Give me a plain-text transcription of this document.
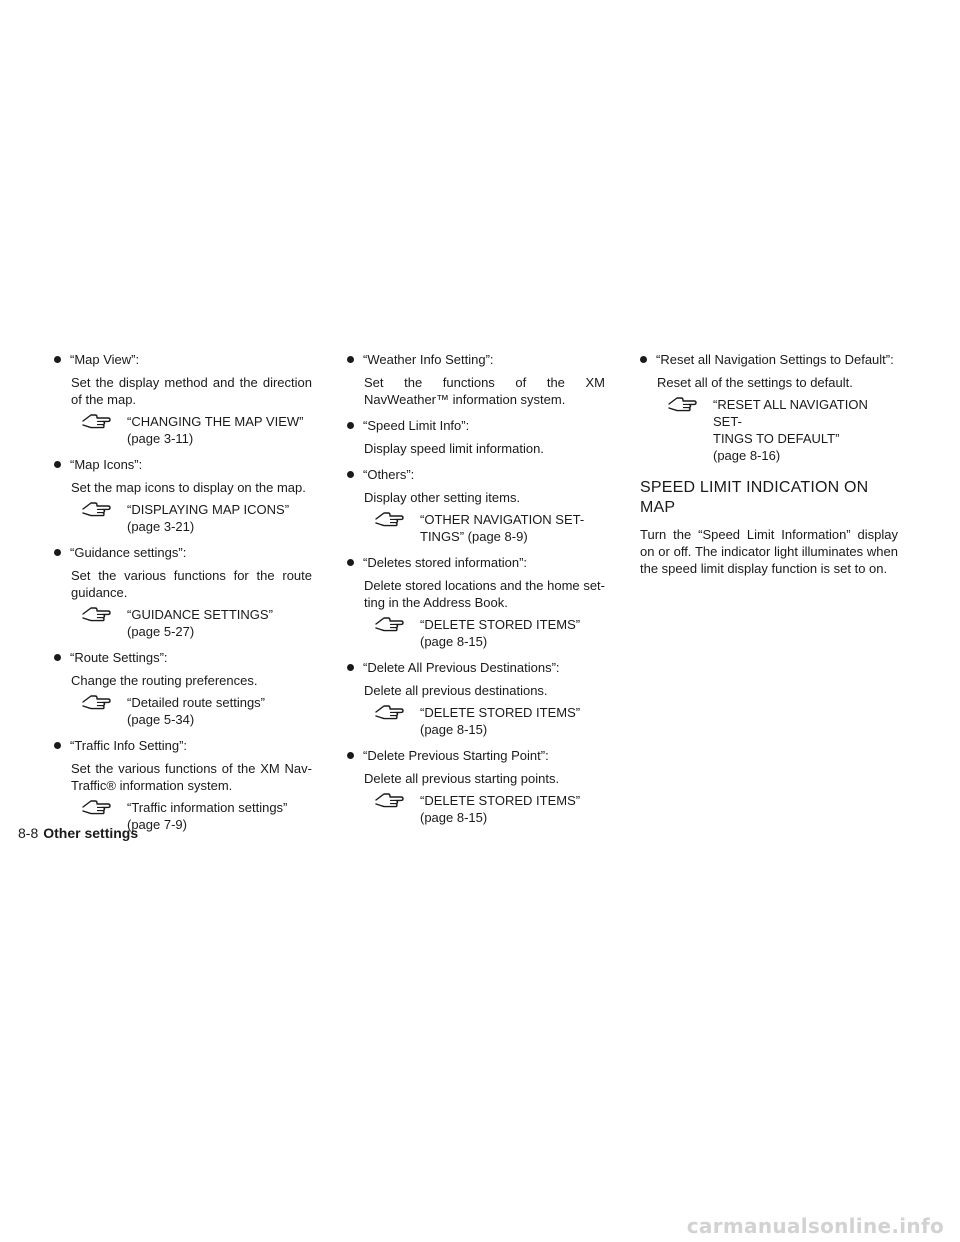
“Map View”:
Set the display method and the direction of the map.
“CHANGING THE MAP VIEW”
(page 3-11)
“Map Icons”:
Set the map icons to display on the map.
“DISPLAYING MAP ICONS”
(page 3-21)
“Guidance settings”:
Set the various functions for the route guidance.
“GUIDANCE SETTINGS”
(page 5-27)
“Route Settings”:
Change the routing preferences.
“Detailed route settings”
(page 5-34)
“Traffic Info Setting”:
Set the various functions of the XM Nav-Traffic® information system.
“Traffic information settings”
(page 7-9)
“Weather Info Setting”:
Set the functions of the XM NavWeather™ information system.
“Speed Limit Info”:
Display speed limit information.
“Others”:
Display other setting items.
“OTHER NAVIGATION SET-
TINGS” (page 8-9)
“Deletes stored information”:
Delete stored locations and the home set-ting in the Address Book.
“DELETE STORED ITEMS”
(page 8-15)
“Delete All Previous Destinations”:
Delete all previous destinations.
“DELETE STORED ITEMS”
(page 8-15)
“Delete Previous Starting Point”:
Delete all previous starting points.
“DELETE STORED ITEMS”
(page 8-15)
“Reset all Navigation Settings to Default”:
Reset all of the settings to default.
“RESET ALL NAVIGATION SET-
TINGS TO DEFAULT”
(page 8-16)
SPEED LIMIT INDICATION ON MAP
Turn the “Speed Limit Information” display on or off. The indicator light illuminates when the speed limit display function is set to on.
8-8 Other settings
carmanualsonline.info
